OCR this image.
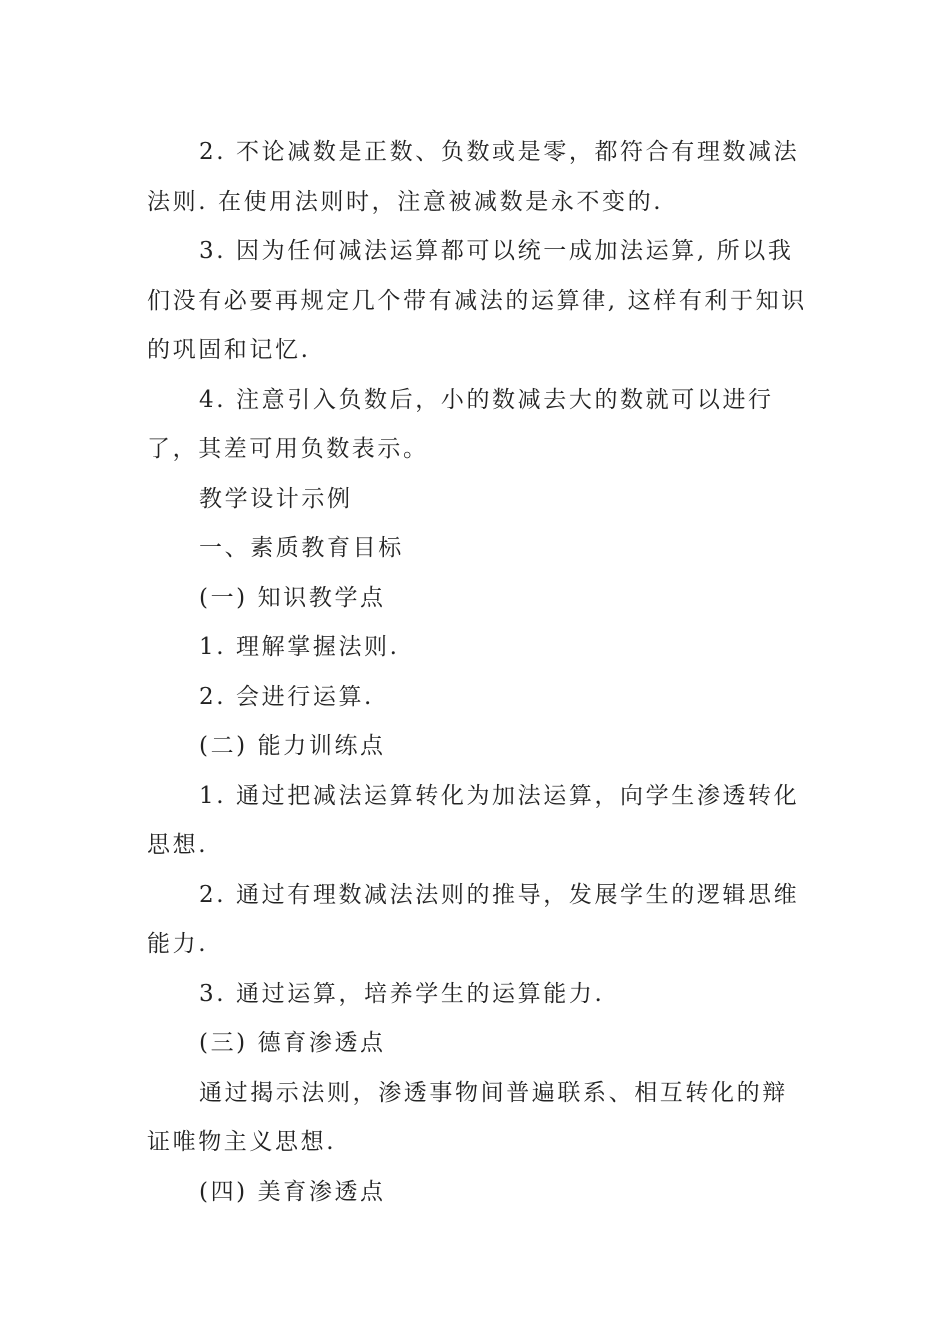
2. 不论减数是正数、负数或是零，都符合有理数减法法则. 在使用法则时，注意被减数是永不变的.

3. 因为任何减法运算都可以统一成加法运算, 所以我们没有必要再规定几个带有减法的运算律, 这样有利于知识的巩固和记忆.

4. 注意引入负数后，小的数减去大的数就可以进行了，其差可用负数表示。

教学设计示例

一、素质教育目标

(一) 知识教学点

1. 理解掌握法则.

2. 会进行运算.

(二) 能力训练点

1. 通过把减法运算转化为加法运算，向学生渗透转化思想.

2. 通过有理数减法法则的推导，发展学生的逻辑思维能力.

3. 通过运算，培养学生的运算能力.

(三) 德育渗透点

通过揭示法则，渗透事物间普遍联系、相互转化的辩证唯物主义思想.

(四) 美育渗透点
